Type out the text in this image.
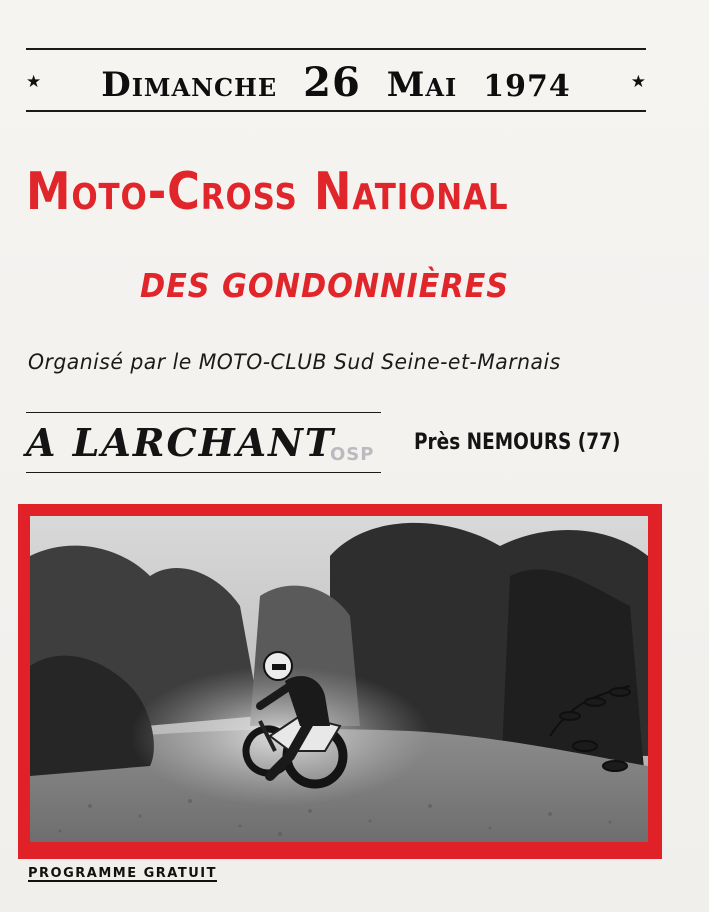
★ Dimanche 26 Mai 1974	★
Moto-Cross National
DES GONDONNIÈRES
Organisé par le MOTO-CLUB Sud Seine-et-Marnais
A LARCHANT
OSP Près NEMOURS (77)
PROGRAMME GRATUIT
